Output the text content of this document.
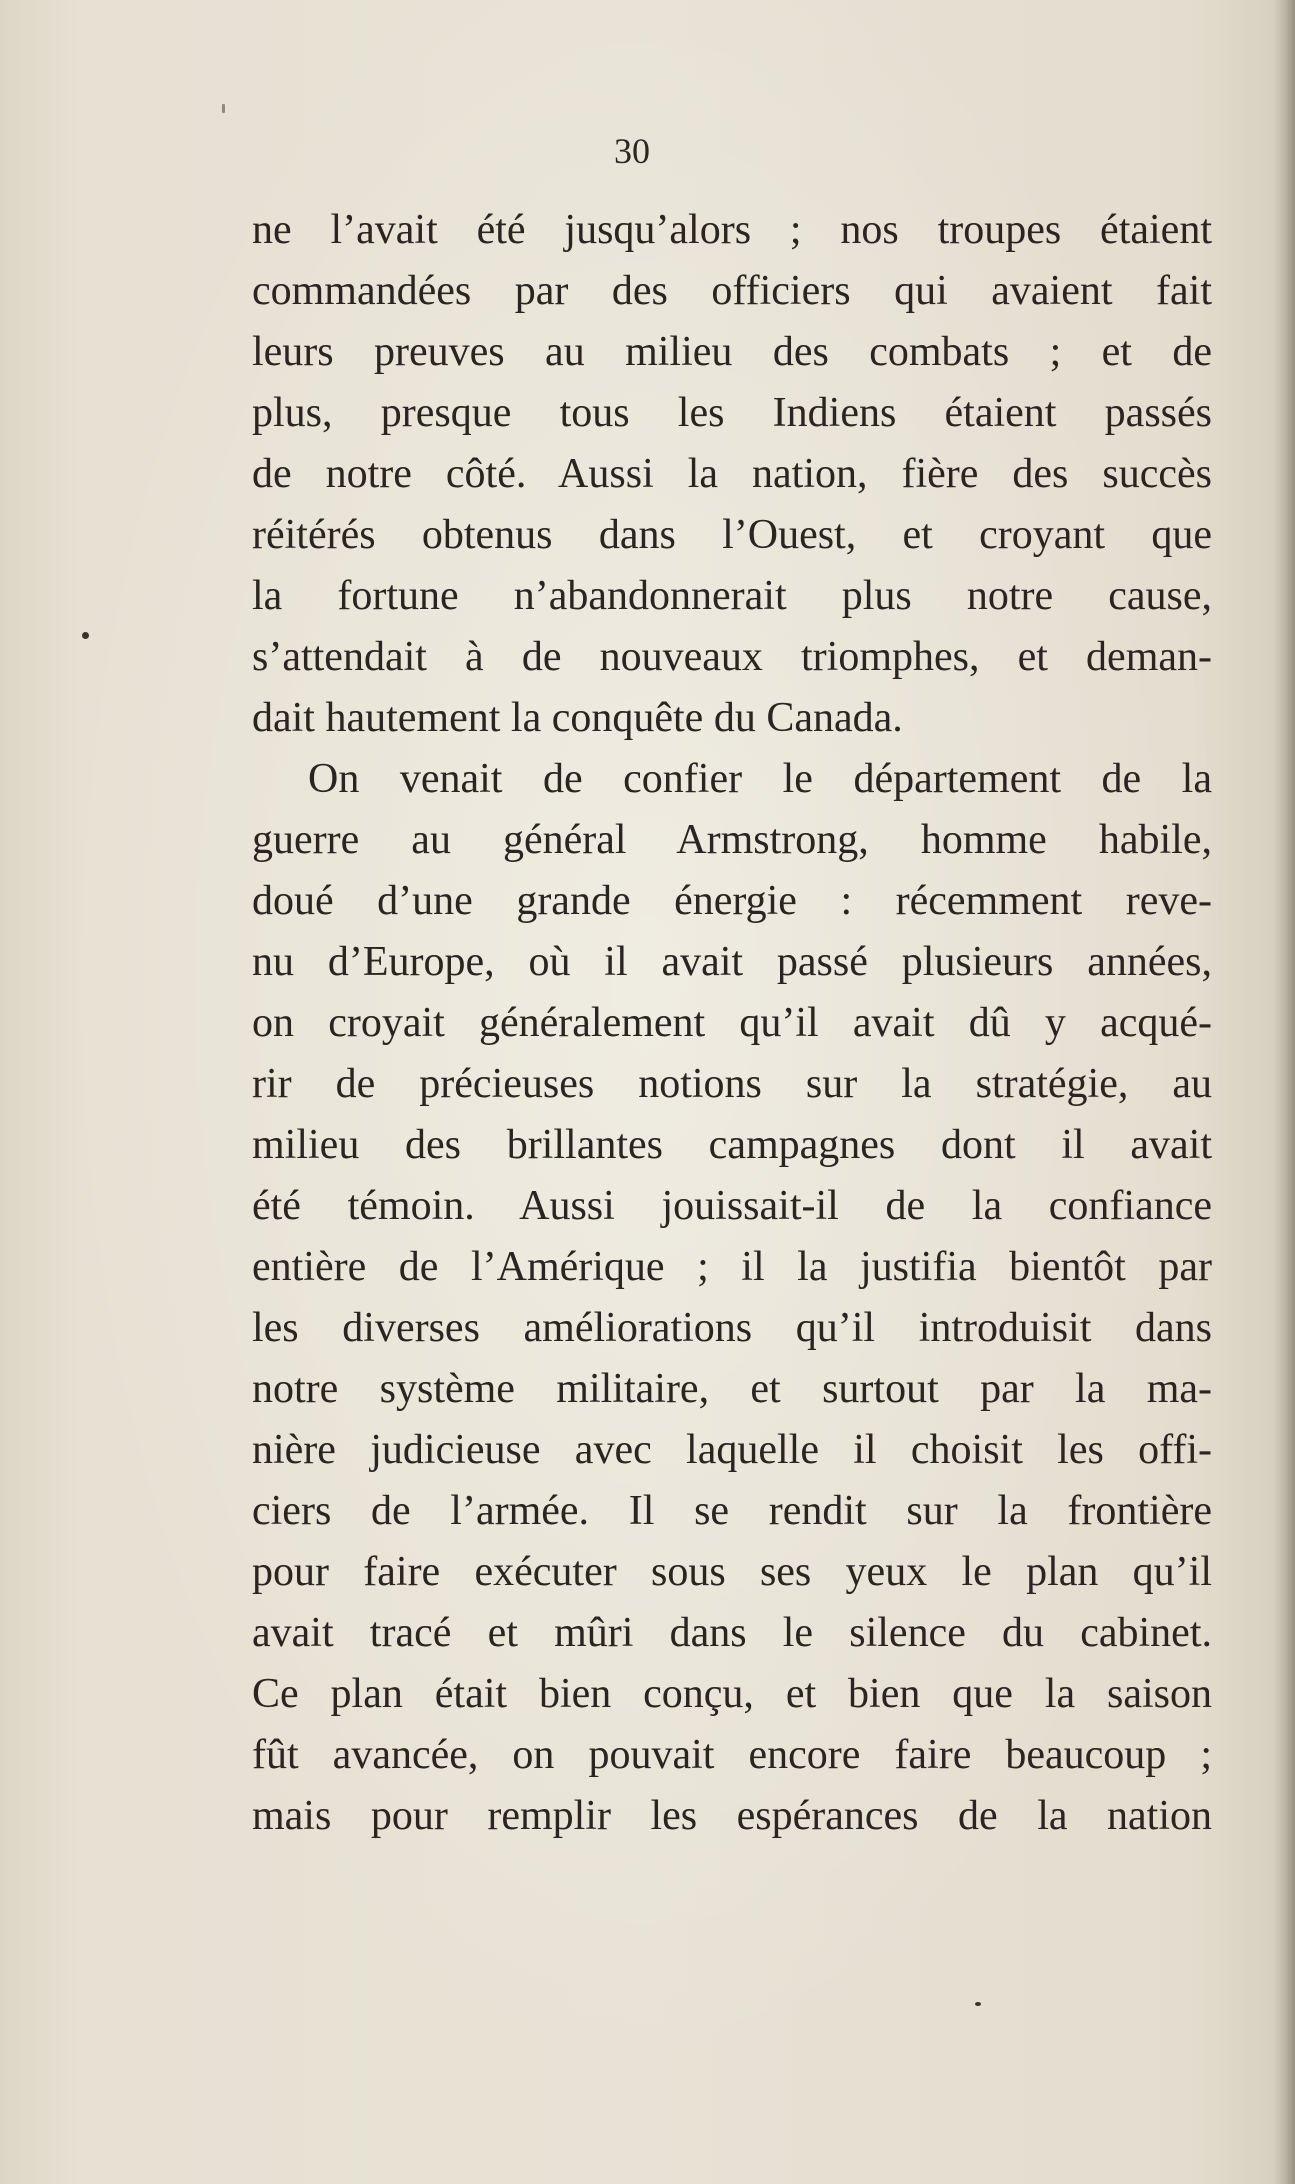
30
ne l’avait été jusqu’alors ; nos troupes étaient
commandées par des officiers qui avaient fait
leurs preuves au milieu des combats ; et de
plus, presque tous les Indiens étaient passés
de notre côté. Aussi la nation, fière des succès
réitérés obtenus dans l’Ouest, et croyant que
la fortune n’abandonnerait plus notre cause,
s’attendait à de nouveaux triomphes, et deman-
dait hautement la conquête du Canada.
On venait de confier le département de la
guerre au général Armstrong, homme habile,
doué d’une grande énergie : récemment reve-
nu d’Europe, où il avait passé plusieurs années,
on croyait généralement qu’il avait dû y acqué-
rir de précieuses notions sur la stratégie, au
milieu des brillantes campagnes dont il avait
été témoin. Aussi jouissait-il de la confiance
entière de l’Amérique ; il la justifia bientôt par
les diverses améliorations qu’il introduisit dans
notre système militaire, et surtout par la ma-
nière judicieuse avec laquelle il choisit les offi-
ciers de l’armée. Il se rendit sur la frontière
pour faire exécuter sous ses yeux le plan qu’il
avait tracé et mûri dans le silence du cabinet.
Ce plan était bien conçu, et bien que la saison
fût avancée, on pouvait encore faire beaucoup ;
mais pour remplir les espérances de la nation
